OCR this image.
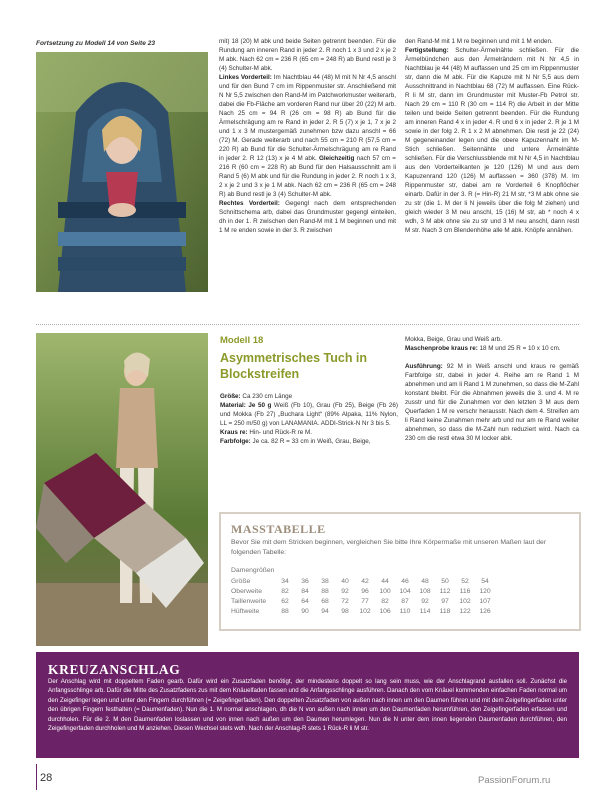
Fortsetzung zu Modell 14 von Seite 23	mit) 18 (20) M abk und beide Seiten getrennt beenden. Für die Rundung am inneren Rand in jeder 2. R noch 1 x 3 und 2 x je 2 M abk. Nach 62 cm = 236 R (65 cm = 248 R) ab Bund restl je 3 (4) Schulter-M abk.
Linkes Vorderteil: Im Nachtblau 44 (48) M mit N Nr 4,5 anschl und für den Bund 7 cm im Rippenmuster str. Anschließend mit N Nr 5,5 zwischen den Rand-M im Patchworkmuster weiterarb, dabei die Fb-Fläche am vorderen Rand nur über 20 (22) M arb. Nach 25 cm = 94 R (26 cm = 98 R) ab Bund für die Ärmelschrägung am re Rand in jeder 2. R 5 (7) x je 1, 7 x je 2 und 1 x 3 M mustergemäß zunehmen bzw dazu anschl = 66 (72) M. Gerade weiterarb und nach 55 cm = 210 R (57,5 cm = 220 R) ab Bund für die Schulter-Ärmelschrägung am re Rand in jeder 2. R 12 (13) x je 4 M abk. Gleichzeitig nach 57 cm = 216 R (60 cm = 228 R) ab Bund für den Halsausschnitt am li Rand 5 (6) M abk und für die Rundung in jeder 2. R noch 1 x 3, 2 x je 2 und 3 x je 1 M abk. Nach 62 cm = 236 R (65 cm = 248 R) ab Bund restl je 3 (4) Schulter-M abk.
Rechtes Vorderteil: Gegengl nach dem entsprechenden Schnittschema arb, dabei das Grundmuster gegengl einteilen, dh in der 1. R zwischen den Rand-M mit 1 M beginnen und mit 1 M re enden sowie in der 3. R zwischen
den Rand-M mit 1 M re beginnen und mit 1 M enden.
Fertigstellung: Schulter-Ärmelnähte schließen. Für die Ärmelbündchen aus den Ärmelrändern mit N Nr 4,5 in Nachtblau je 44 (48) M auffassen und 25 cm im Rippenmuster str, dann die M abk. Für die Kapuze mit N Nr 5,5 aus dem Ausschnittrand in Nachtblau 68 (72) M auffassen. Eine Rück-R li M str, dann im Grundmuster mit Muster-Fb Petrol str. Nach 29 cm = 110 R (30 cm = 114 R) die Arbeit in der Mitte teilen und beide Seiten getrennt beenden. Für die Rundung am inneren Rand 4 x in jeder 4. R und 6 x in jeder 2. R je 1 M sowie in der folg 2. R 1 x 2 M abnehmen. Die restl je 22 (24) M gegeneinander legen und die obere Kapuzennaht im M-Stich schließen. Seitennähte und untere Ärmelnähte schließen. Für die Verschlussblende mit N Nr 4,5 in Nachtblau aus den Vorderteilkanten je 120 (126) M und aus dem Kapuzenrand 120 (126) M auffassen = 360 (378) M. Im Rippenmuster str, dabei am re Vorderteil 6 Knopflöcher einarb. Dafür in der 3. R (= Hin-R) 21 M str, *3 M abk ohne sie zu str (die 1. M der li N jeweils über die folg M ziehen) und gleich wieder 3 M neu anschl, 15 (16) M str, ab * noch 4 x wdh, 3 M abk ohne sie zu str und 3 M neu anschl, dann restl M str. Nach 3 cm Blendenhöhe alle M abk. Knöpfe annähen.
Modell 18
Asymmetrisches Tuch in Blockstreifen
Größe: Ca 230 cm Länge
Material: Je 50 g Weiß (Fb 10), Grau (Fb 25), Beige (Fb 26) und Mokka (Fb 27) „Buchara Light“ (89% Alpaka, 11% Nylon, LL = 250 m/50 g) von LANAMANIA. ADDI-Strick-N Nr 3 bis 5.
Kraus re: Hin- und Rück-R re M.
Farbfolge: Je ca. 82 R = 33 cm in Weiß, Grau, Beige,
Mokka, Beige, Grau und Weiß arb.
Maschenprobe kraus re: 18 M und 25 R = 10 x 10 cm.

Ausführung: 92 M in Weiß anschl und kraus re gemäß Farbfolge str, dabei in jeder 4. Reihe am re Rand 1 M abnehmen und am li Rand 1 M zunehmen, so dass die M-Zahl konstant bleibt. Für die Abnahmen jeweils die 3. und 4. M re zusstr und für die Zunahmen vor den letzten 3 M aus dem Querfaden 1 M re verschr herausstr. Nach dem 4. Streifen am li Rand keine Zunahmen mehr arb und nur am re Rand weiter abnehmen, so dass die M-Zahl nun reduziert wird. Nach ca 230 cm die restl etwa 30 M locker abk.
MASSTABELLE
Bevor Sie mit dem Stricken beginnen, vergleichen Sie bitte Ihre Körpermaße mit unseren Maßen laut der folgenden Tabelle:
Damengrößen
Größe	34	36	38	40	42	44	46	48	50	52	54
Oberweite	82	84	88	92	96	100	104	108	112	116	120
Taillenweite	62	64	68	72	77	82	87	92	97	102	107
Hüftweite	88	90	94	98	102	106	110	114	118	122	126
KREUZANSCHLAG
Der Anschlag wird mit doppeltem Faden gearb. Dafür wird ein Zusatzfaden benötigt, der mindestens doppelt so lang sein muss, wie der Anschlagrand ausfallen soll. Zunächst die Anfangsschlinge arb. Dafür die Mitte des Zusatzfadens zus mit dem Knäuelfaden fassen und die Anfangsschlinge ausführen. Danach den vom Knäuel kommenden einfachen Faden normal um den Zeigefinger legen und unter den Fingern durchführen (= Zeigefingerfaden). Den doppelten Zusatzfaden von außen nach innen um den Daumen führen und mit dem Zeigefingerfaden unter den übrigen Fingern festhalten (= Daumenfaden). Nun die 1. M normal anschlagen, dh die N von außen nach innen um den Daumenfaden herumführen, den Zeigefingerfaden erfassen und durchholen. Für die 2. M den Daumenfaden loslassen und von innen nach außen um den Daumen herumlegen. Nun die N unter dem innen liegenden Daumenfaden durchführen, den Zeigefingerfaden durchholen und M anziehen. Diesen Wechsel stets wdh. Nach der Anschlag-R stets 1 Rück-R li M str.
28	PassionForum.ru
